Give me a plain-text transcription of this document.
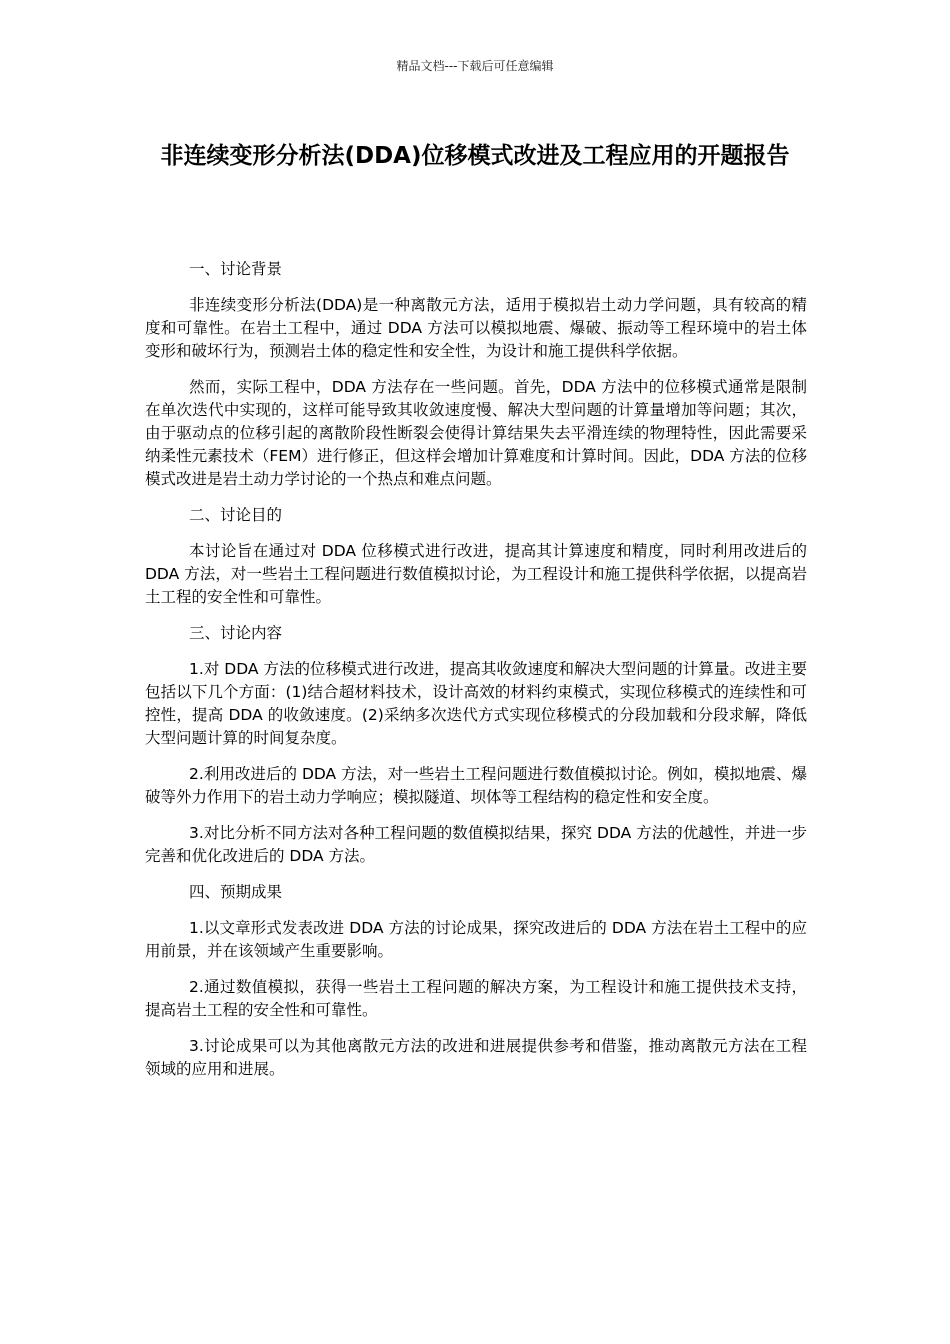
精品文档---下载后可任意编辑
非连续变形分析法(DDA)位移模式改进及工程应用的开题报告

一、讨论背景

非连续变形分析法(DDA)是一种离散元方法，适用于模拟岩土动力学问题，具有较高的精度和可靠性。在岩土工程中，通过 DDA 方法可以模拟地震、爆破、振动等工程环境中的岩土体变形和破坏行为，预测岩土体的稳定性和安全性，为设计和施工提供科学依据。

然而，实际工程中，DDA 方法存在一些问题。首先，DDA 方法中的位移模式通常是限制在单次迭代中实现的，这样可能导致其收敛速度慢、解决大型问题的计算量增加等问题；其次，由于驱动点的位移引起的离散阶段性断裂会使得计算结果失去平滑连续的物理特性，因此需要采纳柔性元素技术（FEM）进行修正，但这样会增加计算难度和计算时间。因此，DDA 方法的位移模式改进是岩土动力学讨论的一个热点和难点问题。

二、讨论目的

本讨论旨在通过对 DDA 位移模式进行改进，提高其计算速度和精度，同时利用改进后的 DDA 方法，对一些岩土工程问题进行数值模拟讨论，为工程设计和施工提供科学依据，以提高岩土工程的安全性和可靠性。

三、讨论内容

1.对 DDA 方法的位移模式进行改进，提高其收敛速度和解决大型问题的计算量。改进主要包括以下几个方面：(1)结合超材料技术，设计高效的材料约束模式，实现位移模式的连续性和可控性，提高 DDA 的收敛速度。(2)采纳多次迭代方式实现位移模式的分段加载和分段求解，降低大型问题计算的时间复杂度。

2.利用改进后的 DDA 方法，对一些岩土工程问题进行数值模拟讨论。例如，模拟地震、爆破等外力作用下的岩土动力学响应；模拟隧道、坝体等工程结构的稳定性和安全度。

3.对比分析不同方法对各种工程问题的数值模拟结果，探究 DDA 方法的优越性，并进一步完善和优化改进后的 DDA 方法。

四、预期成果

1.以文章形式发表改进 DDA 方法的讨论成果，探究改进后的 DDA 方法在岩土工程中的应用前景，并在该领域产生重要影响。

2.通过数值模拟，获得一些岩土工程问题的解决方案，为工程设计和施工提供技术支持，提高岩土工程的安全性和可靠性。

3.讨论成果可以为其他离散元方法的改进和进展提供参考和借鉴，推动离散元方法在工程领域的应用和进展。
